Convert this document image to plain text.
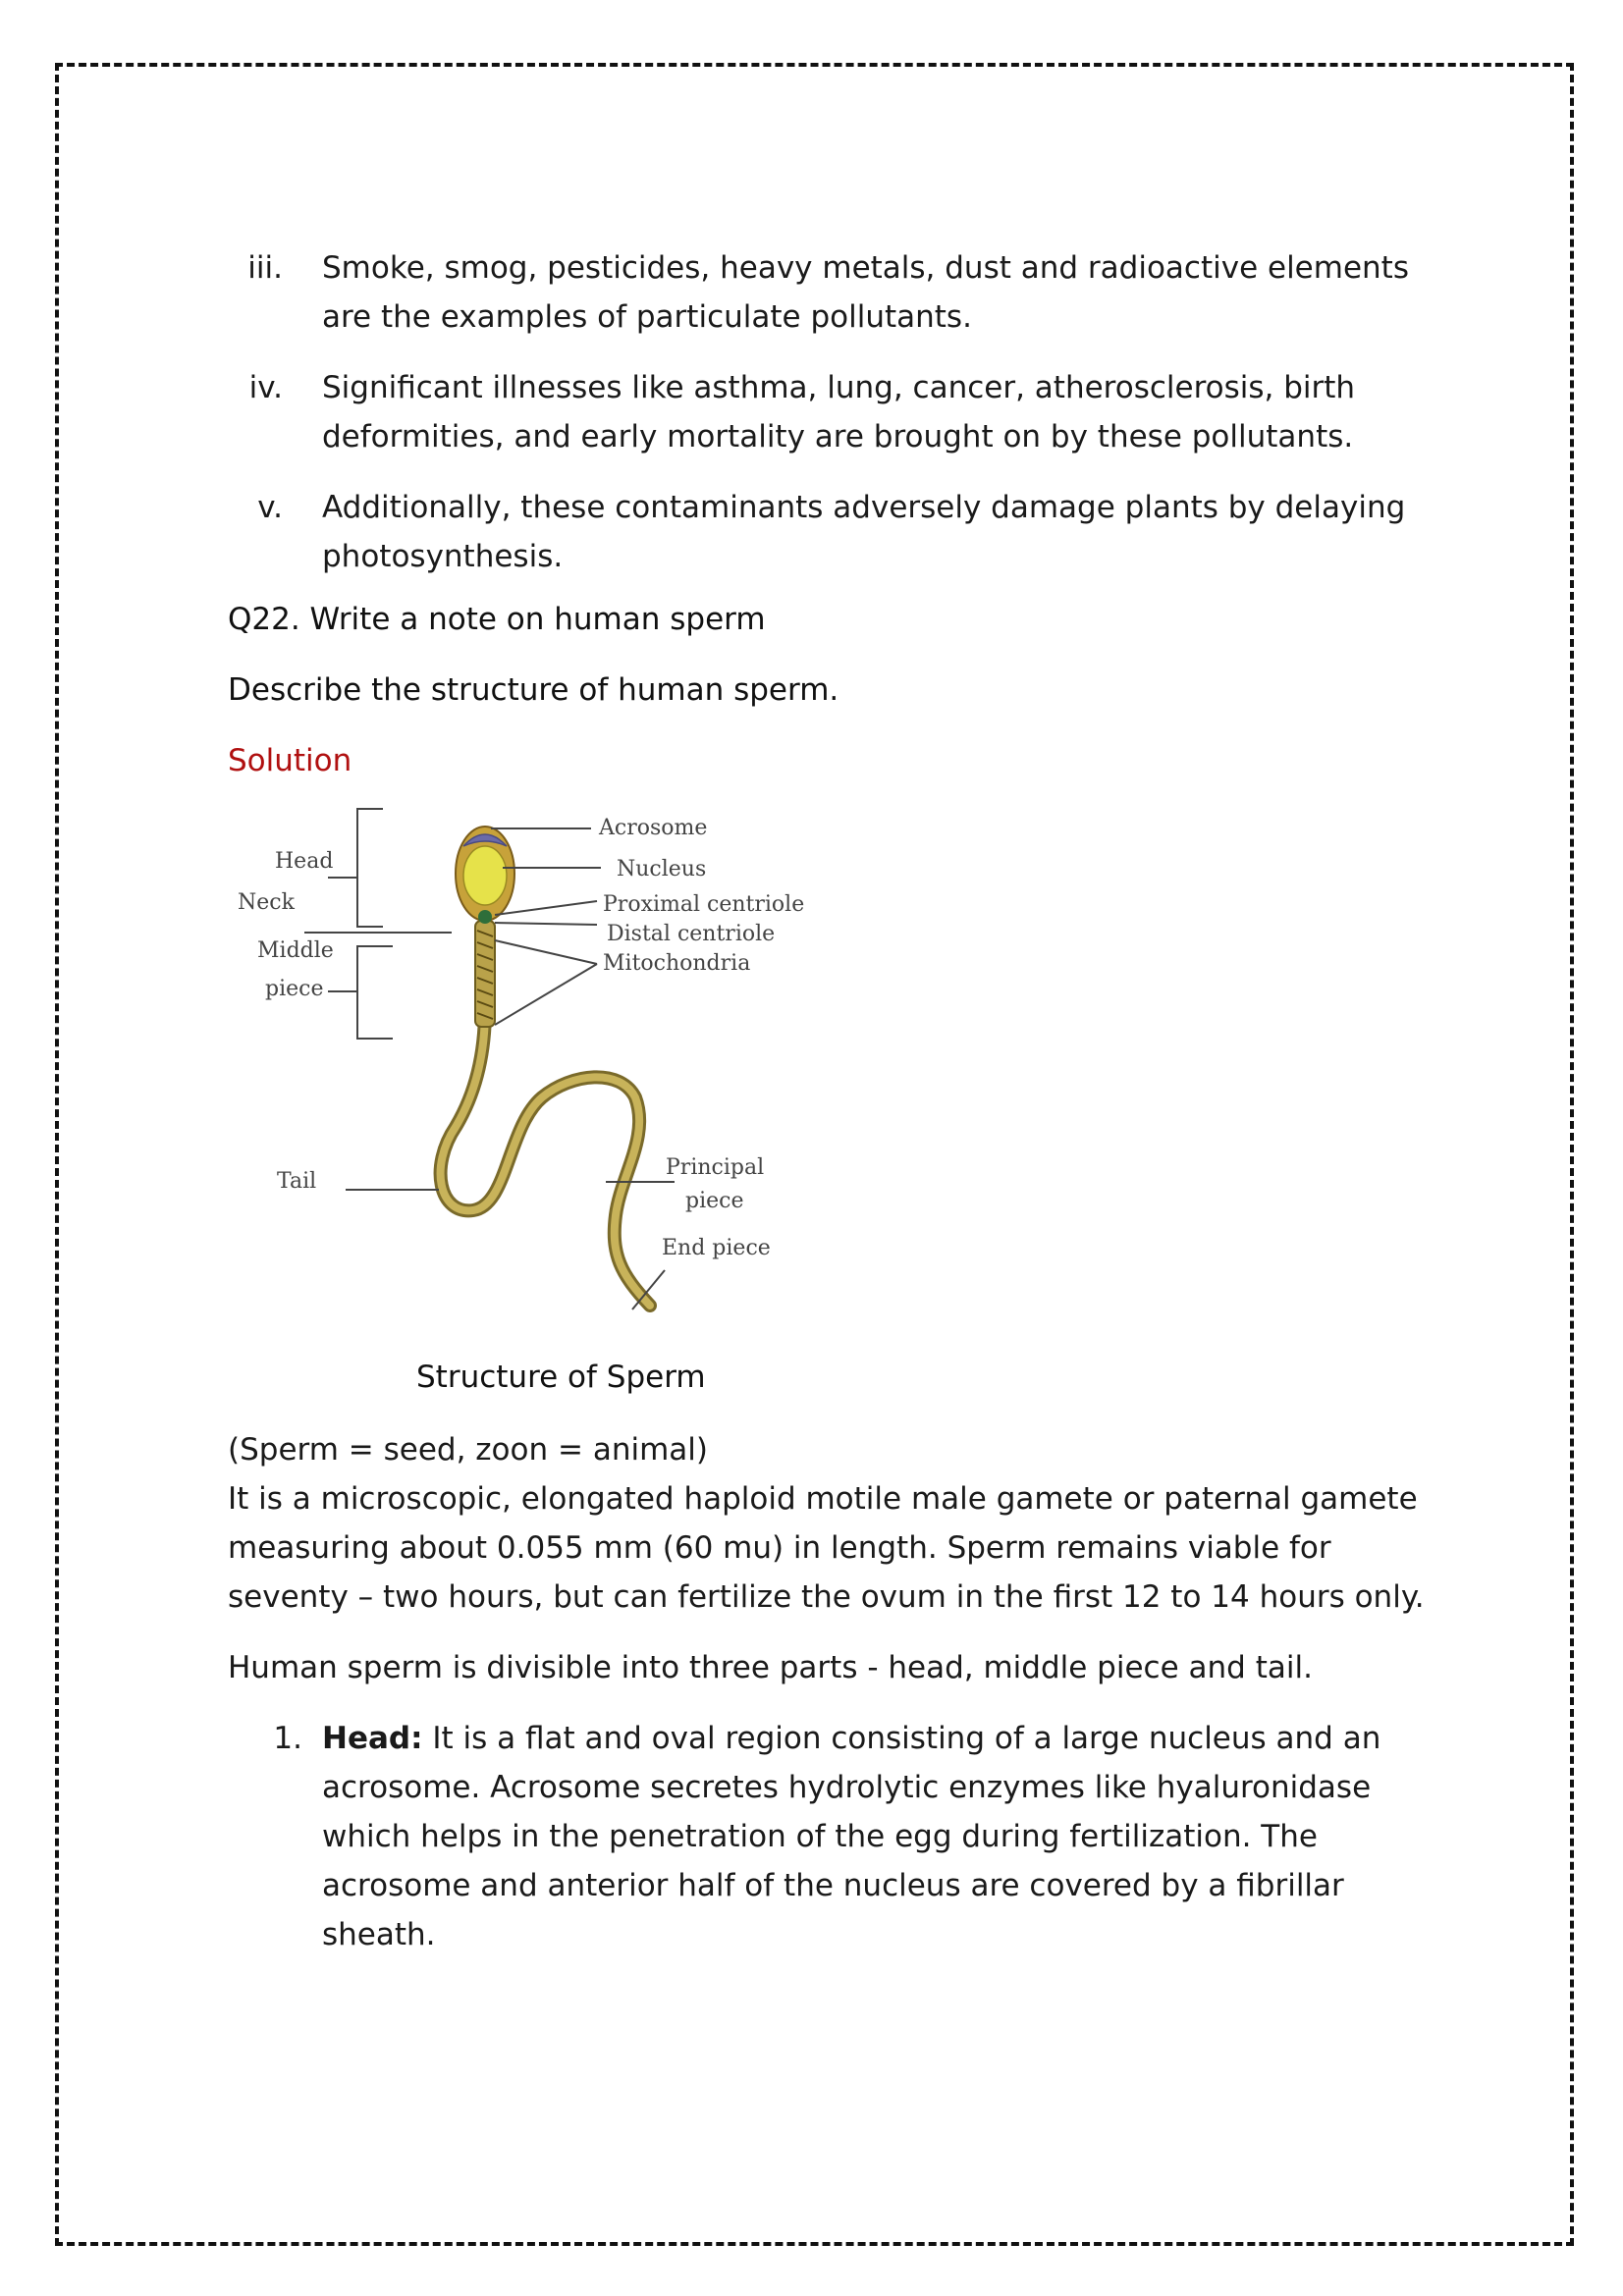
iii. Smoke, smog, pesticides, heavy metals, dust and radioactive elements are the examples of particulate pollutants.
iv. Significant illnesses like asthma, lung, cancer, atherosclerosis, birth deformities, and early mortality are brought on by these pollutants.
v. Additionally, these contaminants adversely damage plants by delaying photosynthesis.
Q22. Write a note on human sperm
Describe the structure of human sperm.
Solution
Head
Neck
Middle
piece
Tail
Acrosome
Nucleus
Proximal centriole
Distal centriole
Mitochondria
Principal
piece
End piece
Structure of Sperm

(Sperm = seed, zoon = animal)

It is a microscopic, elongated haploid motile male gamete or paternal gamete measuring about 0.055 mm (60 mu) in length. Sperm remains viable for seventy – two hours, but can fertilize the ovum in the first 12 to 14 hours only.

Human sperm is divisible into three parts - head, middle piece and tail.

1. Head: It is a flat and oval region consisting of a large nucleus and an acrosome. Acrosome secretes hydrolytic enzymes like hyaluronidase which helps in the penetration of the egg during fertilization. The acrosome and anterior half of the nucleus are covered by a fibrillar sheath.
